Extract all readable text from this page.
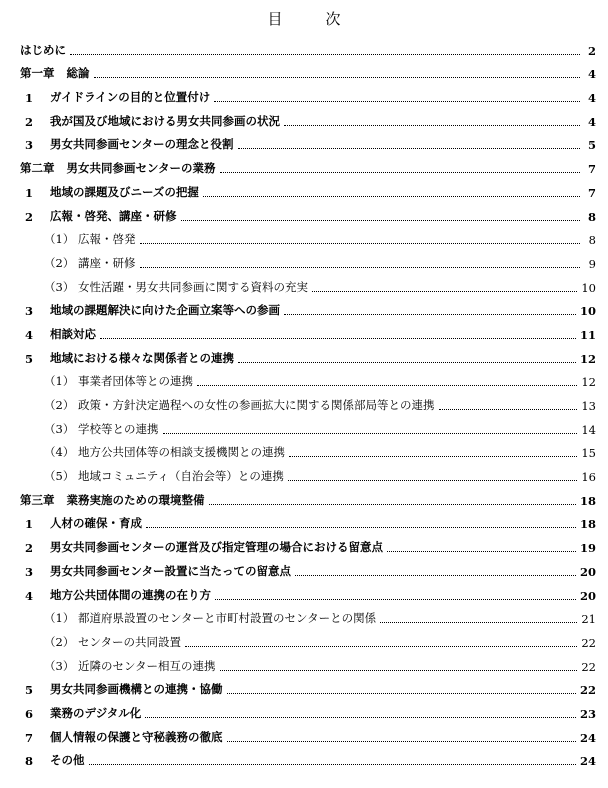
目　次
はじめに	2
第一章 総論	4
1	ガイドラインの目的と位置付け	4
2	我が国及び地域における男女共同参画の状況	4
3	男女共同参画センターの理念と役割	5
第二章 男女共同参画センターの業務	7
1	地域の課題及びニーズの把握	7
2	広報・啓発、講座・研修	8
（1） 広報・啓発	8
（2） 講座・研修	9
（3） 女性活躍・男女共同参画に関する資料の充実	10
3	地域の課題解決に向けた企画立案等への参画	10
4	相談対応	11
5	地域における様々な関係者との連携	12
（1） 事業者団体等との連携	12
（2） 政策・方針決定過程への女性の参画拡大に関する関係部局等との連携	13
（3） 学校等との連携	14
（4） 地方公共団体等の相談支援機関との連携	15
（5） 地域コミュニティ（自治会等）との連携	16
第三章 業務実施のための環境整備	18
1	人材の確保・育成	18
2	男女共同参画センターの運営及び指定管理の場合における留意点	19
3	男女共同参画センター設置に当たっての留意点	20
4	地方公共団体間の連携の在り方	20
（1） 都道府県設置のセンターと市町村設置のセンターとの関係	21
（2） センターの共同設置	22
（3） 近隣のセンター相互の連携	22
5	男女共同参画機構との連携・協働	22
6	業務のデジタル化	23
7	個人情報の保護と守秘義務の徹底	24
8	その他	24
